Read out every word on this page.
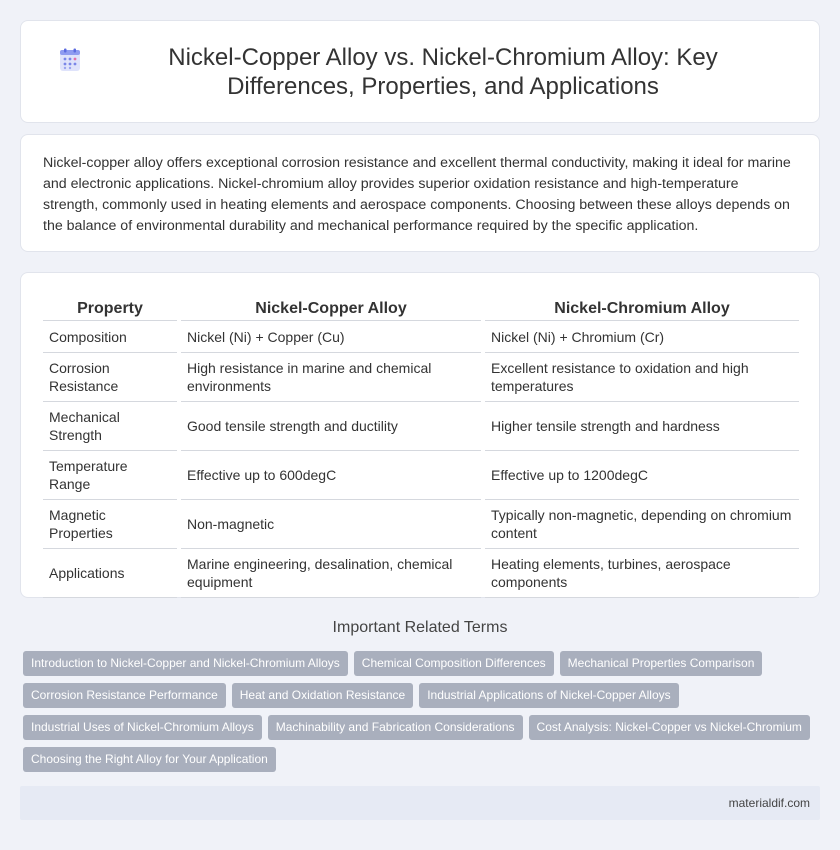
Nickel-Copper Alloy vs. Nickel-Chromium Alloy: Key Differences, Properties, and Applications

Nickel-copper alloy offers exceptional corrosion resistance and excellent thermal conductivity, making it ideal for marine and electronic applications. Nickel-chromium alloy provides superior oxidation resistance and high-temperature strength, commonly used in heating elements and aerospace components. Choosing between these alloys depends on the balance of environmental durability and mechanical performance required by the specific application.

Property		Nickel-Copper Alloy		Nickel-Chromium Alloy
Composition		Nickel (Ni) + Copper (Cu)		Nickel (Ni) + Chromium (Cr)
Corrosion Resistance		High resistance in marine and chemical environments		Excellent resistance to oxidation and high temperatures
Mechanical Strength		Good tensile strength and ductility		Higher tensile strength and hardness
Temperature Range		Effective up to 600degC		Effective up to 1200degC
Magnetic Properties		Non-magnetic		Typically non-magnetic, depending on chromium content
Applications		Marine engineering, desalination, chemical equipment		Heating elements, turbines, aerospace components
Important Related Terms
Introduction to Nickel-Copper and Nickel-Chromium Alloys Chemical Composition Differences Mechanical Properties Comparison
Corrosion Resistance Performance Heat and Oxidation Resistance Industrial Applications of Nickel-Copper Alloys
Industrial Uses of Nickel-Chromium Alloys Machinability and Fabrication Considerations Cost Analysis: Nickel-Copper vs Nickel-Chromium
Choosing the Right Alloy for Your Application
materialdif.com
